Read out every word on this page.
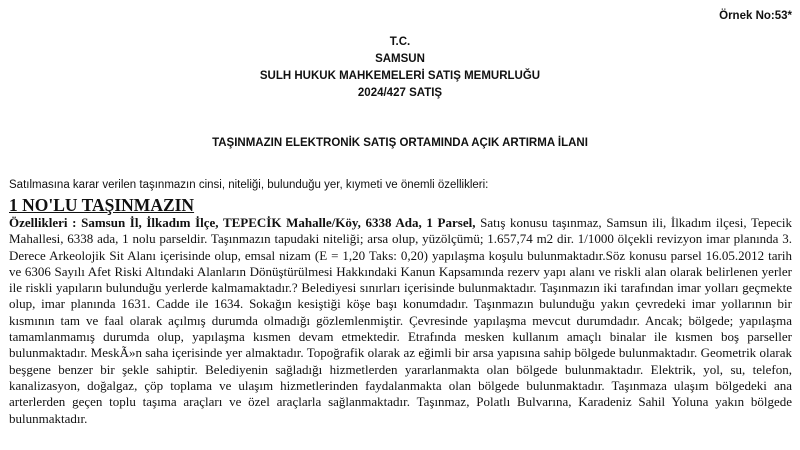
Örnek No:53*
T.C.
SAMSUN
SULH HUKUK MAHKEMELERİ SATIŞ MEMURLUĞU
2024/427 SATIŞ
TAŞINMAZIN ELEKTRONİK SATIŞ ORTAMINDA AÇIK ARTIRMA İLANI
Satılmasına karar verilen taşınmazın cinsi, niteliği, bulunduğu yer, kıymeti ve önemli özellikleri:
1 NO'LU TAŞINMAZIN
Özellikleri : Samsun İl, İlkadım İlçe, TEPECİK Mahalle/Köy, 6338 Ada, 1 Parsel, Satış konusu taşınmaz, Samsun ili, İlkadım ilçesi, Tepecik Mahallesi, 6338 ada, 1 nolu parseldir. Taşınmazın tapudaki niteliği; arsa olup, yüzölçümü; 1.657,74 m2 dir. 1/1000 ölçekli revizyon imar planında 3. Derece Arkeolojik Sit Alanı içerisinde olup, emsal nizam (E = 1,20 Taks: 0,20) yapılaşma koşulu bulunmaktadır.Söz konusu parsel 16.05.2012 tarih ve 6306 Sayılı Afet Riski Altındaki Alanların Dönüştürülmesi Hakkındaki Kanun Kapsamında rezerv yapı alanı ve riskli alan olarak belirlenen yerler ile riskli yapıların bulunduğu yerlerde kalmamaktadır.? Belediyesi sınırları içerisinde bulunmaktadır. Taşınmazın iki tarafından imar yolları geçmekte olup, imar planında 1631. Cadde ile 1634. Sokağın kesiştiği köşe başı konumdadır. Taşınmazın bulunduğu yakın çevredeki imar yollarının bir kısmının tam ve faal olarak açılmış durumda olmadığı gözlemlenmiştir. Çevresinde yapılaşma mevcut durumdadır. Ancak; bölgede; yapılaşma tamamlanmamış durumda olup, yapılaşma kısmen devam etmektedir. Etrafında mesken kullanım amaçlı binalar ile kısmen boş parseller bulunmaktadır. MeskÃ»n saha içerisinde yer almaktadır. Topoğrafik olarak az eğimli bir arsa yapısına sahip bölgede bulunmaktadır. Geometrik olarak beşgene benzer bir şekle sahiptir. Belediyenin sağladığı hizmetlerden yararlanmakta olan bölgede bulunmaktadır. Elektrik, yol, su, telefon, kanalizasyon, doğalgaz, çöp toplama ve ulaşım hizmetlerinden faydalanmakta olan bölgede bulunmaktadır. Taşınmaza ulaşım bölgedeki ana arterlerden geçen toplu taşıma araçları ve özel araçlarla sağlanmaktadır. Taşınmaz, Polatlı Bulvarına, Karadeniz Sahil Yoluna yakın bölgede bulunmaktadır.
